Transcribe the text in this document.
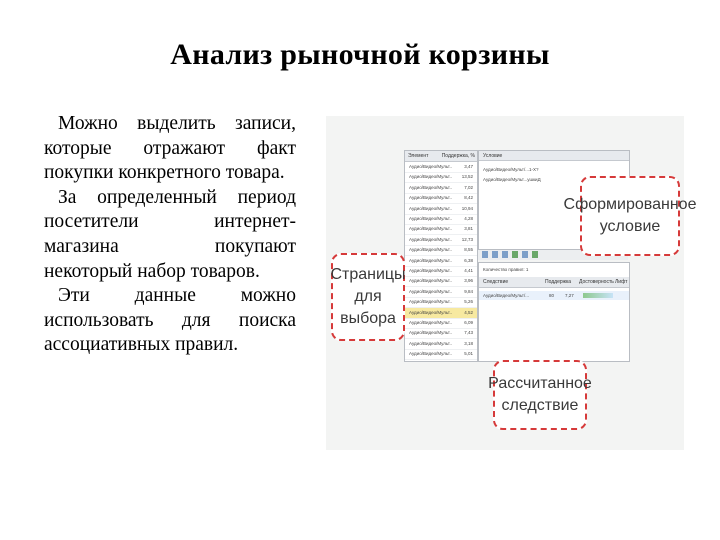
Анализ рыночной корзины

Можно выделить записи, которые отражают факт покупки конкретного товара.

За определенный период посетители интернет-магазина покупают некоторый набор товаров.

Эти данные можно использовать для поиска ассоциативных правил.

Элемент	Поддержка, %
Аудио/Видео/Мульт..	3,47
Аудио/Видео/Мульт.. 13,52
Аудио/Видео/Мульт..	7,02
Аудио/Видео/Мульт..	8,42
Аудио/Видео/Мульт.. 10,94
Аудио/Видео/Мульт..	4,28
Аудио/Видео/Мульт..	3,81
Аудио/Видео/Мульт.. 12,73
Аудио/Видео/Мульт..	8,55
Аудио/Видео/Мульт..	6,38
Аудио/Видео/Мульт..	4,41
Аудио/Видео/Мульт..	3,96
Аудио/Видео/Мульт..	9,84
Аудио/Видео/Мульт..	5,26
Аудио/Видео/Мульт..	4,52
Аудио/Видео/Мульт..	6,09
Аудио/Видео/Мульт..	7,43
Аудио/Видео/Мульт..	3,18
Аудио/Видео/Мульт..	5,01
Условие
Аудио/Видео/Мульт/...1-Х?
Аудио/Видео/Мульт...ушкиД
Количество правил: 1
Следствие	Поддержка Достоверность Лифт
Аудио/Видео/Мульт/...	80 7,27
Сформированное условие
Страницы для выбора
Рассчитанное следствие
